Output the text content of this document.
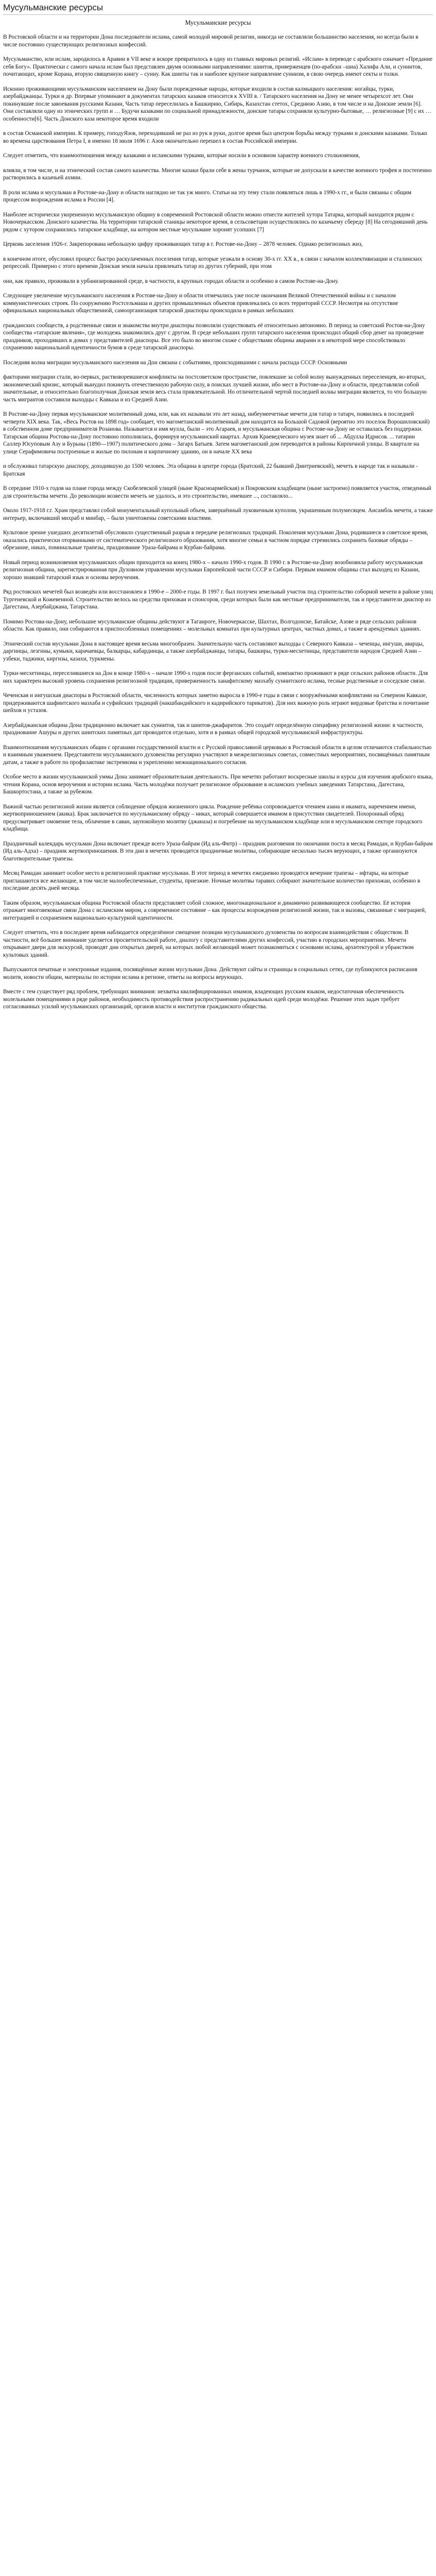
Мусульманские ресурсы
Мусульманские ресурсы

В Ростовской области и на территории Дона последователи ислама, самой молодой мировой религии, никогда не составляли большинство населения, но всегда были в числе постоянно существующих религиозных конфессий.

Мусульманство, или ислам, зародилось в Аравии в VII веке и вскоре превратилось в одну из главных мировых религий. «Ислам» в переводе с арабского означает «Предание себя Богу». Практически с самого начала ислам был представлен двумя основными направлениями: шиитов, приверженцев (по-арабски –шиа) Халифа Али, и суннитов, почитающих, кроме Корана, вторую священную книгу – сунну. Как шииты так и наиболее крупное направление суннизм, в свою очередь имеют секты и толки.

Исконно проживающими мусульманским населением на Дону были порежденные народы, которые входили в состав калмыцкого населения: ногайцы, турки, азербайджанцы. Турки и др. Впервые упоминают в документах татарских казаков относится к XVIII в. / Татарского населения на Дону не менее четырехсот лет. Они покинувшие после завоевания русскими Казани, Часть татар переселилась в Башкирию, Сибирь, Казахстан стетох, Среднюю Азию, в том числе и на Донские земли [6]. Они составляли одну из этнических групп и … Будучи казаками по социальной принадлежности, донские татары сохраняли культурно-бытовые, … религиозные [9] с их … особенности[6]. Часть Донского каза некоторое время входили

в состав Османской империи. К примеру, гоподуЯзов, переходивший не раз из рук в руки, долгое время был центром борьбы между турками и донскими казаками. Только во времена царствования Петра I, в именно 18 июля 1696 г. Азов окончательно перешел в состав Российской империи.

Следует отметить, что взаимоотношения между казаками и исламскими турками, которые носили в основном характер военного столкновения,

влияли, в том числе, и на этнический состав самого казачества. Многие казаки брали себе в жены турчанок, которые не допускали в качестве военного трофея и постепенно растворились в казачьей ахмии.

В роли ислама и мусульман в Ростове-на-Дону и области наглядно не так уж много. Статьи на эту тему стали появляться лишь в 1990-х гг., и были связаны с общим процессом возрождения ислама в России [4].

Наиболее исторически укорененную мусульманскую общину в современной Ростовской области можно отнести жителей хутора Татарка, который находится рядом с Новочеркасском. Донского казачества. На территории татарской станицы некоторое время, в сельсоветции осуществлялись по казачьему сбереду [8] На сегодняшний день рядом с хутором сохранились татарское кладбище, на котором местные мусульмане хоронят усопших [7]

Церковь заселения 1926-г. Закрепорована небольшую цифру проживающих татар в г. Ростове-на-Дону – 2878 человек. Однако религиозных жиз,

в конечном итоге, обусловил процесс быстро раскулаченных поселения татар, которые уезжали в основу 30-х гг. XX в., в связи с началом коллективизации и сталинских репрессий. Примерно с этого времени Донская земля начала привлекать татар из других губерний, при этом

они, как правило, проживали в урбанизированной среде, в частности, в крупных городах области и особенно в самом Ростове-на-Дону.

Следующее увеличение мусульманского населения в Ростове-на-Дону и области отмечались уже после окончания Великой Отечественной войны и с началом коммунистических строек. По сооружению Ростсельмаша и других промышленных объектов привлекались со всех территорий СССР. Несмотря на отсутствие официальных национальных общественной, самоорганизация татарской диаспоры происходила в рамках небольших

гражданских сообществ, а родственные связи и знакомства внутри диаспоры позволяли существовать её относительно автономно. В период за советский Ростов-на-Дону сообщества «татарские явления», где молодежь знакомились друг с другом. В среде небольших групп татарского населения происходил общий сбор денег на проведение праздников, проходивших в домах у представителей диаспоры. Все это было во многом схоже с обществами общины аварами и в некоторой мере способствовало сохранению национальной идентичности бумов в среде татарской диаспоры.

Последняя волна миграции мусульманского населения на Дон связана с событиями, происходившими с начала распада СССР. Основными

факторами миграции стали, во-первых, раствоворевшиеся конфликты на постсоветском пространстве, повлекшие за собой волну вынужденных переселенцев, во-вторых, экономический кризис, который вынудил покинуть отечественную рабочую силу, в поисках лучшей жизни, ибо мест в Ростове-на-Дону и области, представляли собой значительные, и относительно благополучная Донская земля весь стала привлекательной. Но отличительной чертой последней волны миграции является, то что большую часть мигрантов составили выходцы с Кавказа и из Средней Азии.

В Ростове-на-Дону первая мусульманские молитвенный дома, или, как их называли это лет назад, нибеумеечетные мечети для татар и татарч, появились в последней четверти XIX века. Так, «Весь Ростов на 1898 год» сообщает, что магометанский молитвенный дом находится на Большой Садовой (вероятно это поселок Ворошиловский) в собственном доме предпринимателя Розанова. Называется и имя мулла, были – это Агараев, и мусульманская община с Ростове-на-Дону не оставалась без поддержки. Татарская община Ростова-на-Дону постоянно пополнялась, формируя мусульманский квартал. Архив Краеведческого музея знает об ... Абдулла Идрисов. ... татарин Саллер Юсуповым Азу и Бурьны (1890—1907) политического дома – Загарх Батыев. Затем магометанский дом переводится в районы Кирпичной улицы. В квартале на улице Серафимовича построенные и жилые по пилонам и кирпичному зданию, он в начале XX века

и обслуживал татарскую диаспору, доходившую до 1500 человек. Эта община в центре города (Братский, 22 бывший Дмитриевский), мечеть в народе так и называли - Братская

В середине 1910-х годов на плане города между Скобелевской улицей (ныне Красноармейская) и Покровским кладбищем (ныне застроено) появляется участок, отведенный для строительства мечети. До революции возвести мечеть не удалось, и это строительство, имевшее ..., составляло...

Около 1917-1918 г.г. Храм представлял собой монументальный купольный объем, завершённый луковичным куполом, украшенным полумесяцем. Ансамбль мечети, а также интерьер, включавший михраб и минбар, – были уничтожены советскими властями.

Культовое зрение ушедших десятилетий обусловило существенный разрыв в передаче религиозных традиций. Поколения мусульман Дона, родившиеся в советское время, оказались практически оторванными от систематического религиозного образования, хотя многие семьи в частном порядке стремились сохранить базовые обряды – обрезание, никах, поминальные трапезы, празднование Ураза-байрама и Курбан-байрама.

Новый период возникновения мусульманских общин приходится на конец 1980-х – начало 1990-х годов. В 1990 г. в Ростове-на-Дону возобновила работу мусульманская религиозная община, зарегистрированная при Духовном управлении мусульман Европейской части СССР и Сибири. Первым имамом общины стал выходец из Казани, хорошо знавший татарский язык и основы вероучения.

Ряд ростовских мечетей был возведён или восстановлен в 1990-е – 2000-е годы. В 1997 г. был получен земельный участок под строительство соборной мечети в районе улиц Тургеневской и Кожевенной. Строительство велось на средства прихожан и спонсоров, среди которых были как местные предприниматели, так и представители диаспор из Дагестана, Азербайджана, Татарстана.

Помимо Ростова-на-Дону, небольшие мусульманские общины действуют в Таганроге, Новочеркасске, Шахтах, Волгодонске, Батайске, Азове и ряде сельских районов области. Как правило, они собираются в приспособленных помещениях – молельных комнатах при культурных центрах, частных домах, а также в арендуемых зданиях.

Этнический состав мусульман Дона в настоящее время весьма многообразен. Значительную часть составляют выходцы с Северного Кавказа – чеченцы, ингуши, аварцы, даргинцы, лезгины, кумыки, карачаевцы, балкарцы, кабардинцы, а также азербайджанцы, татары, башкиры, турки-месхетинцы, представители народов Средней Азии – узбеки, таджики, киргизы, казахи, туркмены.

Турки-месхетинцы, переселившиеся на Дон в конце 1980-х – начале 1990-х годов после ферганских событий, компактно проживают в ряде сельских районов области. Для них характерен высокий уровень сохранения религиозной традиции, приверженность ханафитскому мазхабу суннитского ислама, тесные родственные и соседские связи.

Чеченская и ингушская диаспоры в Ростовской области, численность которых заметно выросла в 1990-е годы в связи с вооружёнными конфликтами на Северном Кавказе, придерживаются шафиитского мазхаба и суфийских традиций (накшбандийского и кадирийского тарикатов). Для них важную роль играют вирдовые братства и почитание шейхов и устазов.

Азербайджанская община Дона традиционно включает как суннитов, так и шиитов-джафаритов. Это создаёт определённую специфику религиозной жизни: в частности, празднование Ашуры и других шиитских памятных дат проводится отдельно, хотя и в рамках общей городской мусульманской инфраструктуры.

Взаимоотношения мусульманских общин с органами государственной власти и с Русской православной церковью в Ростовской области в целом отличаются стабильностью и взаимным уважением. Представители мусульманского духовенства регулярно участвуют в межрелигиозных советах, совместных мероприятиях, посвящённых памятным датам, а также в работе по профилактике экстремизма и укреплению межнационального согласия.

Особое место в жизни мусульманской уммы Дона занимает образовательная деятельность. При мечетях работают воскресные школы и курсы для изучения арабского языка, чтения Корана, основ вероучения и истории ислама. Часть молодёжи получает религиозное образование в исламских учебных заведениях Татарстана, Дагестана, Башкортостана, а также за рубежом.

Важной частью религиозной жизни является соблюдение обрядов жизненного цикла. Рождение ребёнка сопровождается чтением азана и икамата, наречением имени, жертвоприношением (акика). Брак заключается по мусульманскому обряду – никах, который совершается имамом в присутствии свидетелей. Похоронный обряд предусматривает омовение тела, облачение в саван, заупокойную молитву (джаназа) и погребение на мусульманском кладбище или в мусульманском секторе городского кладбища.

Праздничный календарь мусульман Дона включает прежде всего Ураза-байрам (Ид аль-Фитр) – праздник разговения по окончании поста в месяц Рамадан, и Курбан-байрам (Ид аль-Адха) – праздник жертвоприношения. В эти дни в мечетях проводятся праздничные молитвы, собирающие несколько тысяч верующих, а также организуются благотворительные трапезы.

Месяц Рамадан занимает особое место в религиозной практике мусульман. В этот период в мечетях ежедневно проводятся вечерние трапезы – ифтары, на которые приглашаются все желающие, в том числе малообеспеченные, студенты, приезжие. Ночные молитвы таравих собирают значительное количество прихожан, особенно в последние десять дней месяца.

Таким образом, мусульманская община Ростовской области представляет собой сложное, многонациональное и динамично развивающееся сообщество. Её история отражает многовековые связи Дона с исламским миром, а современное состояние – как процессы возрождения религиозной жизни, так и вызовы, связанные с миграцией, интеграцией и сохранением национально-культурной идентичности.

Следует отметить, что в последнее время наблюдается определённое смещение позиции мусульманского духовенства по вопросам взаимодействия с обществом. В частности, всё большее внимание уделяется просветительской работе, диалогу с представителями других конфессий, участию в городских мероприятиях. Мечети открывают двери для экскурсий, проводят дни открытых дверей, на которых любой желающий может познакомиться с основами ислама, архитектурой и убранством культовых зданий.

Выпускаются печатные и электронные издания, посвящённые жизни мусульман Дона. Действуют сайты и страницы в социальных сетях, где публикуются расписания молитв, новости общин, материалы по истории ислама в регионе, ответы на вопросы верующих.

Вместе с тем существует ряд проблем, требующих внимания: нехватка квалифицированных имамов, владеющих русским языком, недостаточная обеспеченность молельными помещениями в ряде районов, необходимость противодействия распространению радикальных идей среди молодёжи. Решение этих задач требует согласованных усилий мусульманских организаций, органов власти и институтов гражданского общества.
